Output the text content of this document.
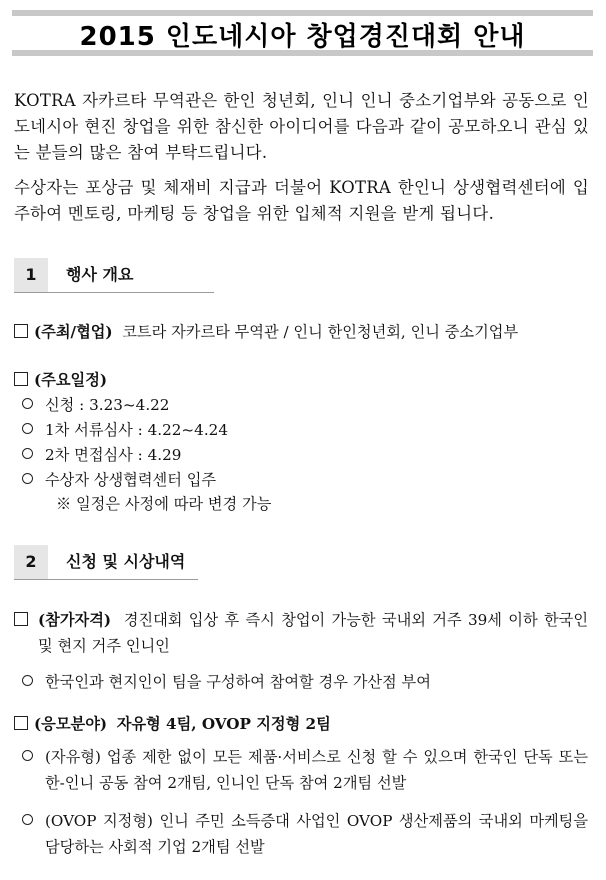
2015 인도네시아 창업경진대회 안내
KOTRA 자카르타 무역관은 한인 청년회, 인니 인니 중소기업부와 공동으로 인도네시아 현진 창업을 위한 참신한 아이디어를 다음과 같이 공모하오니 관심 있는 분들의 많은 참여 부탁드립니다.
수상자는 포상금 및 체재비 지급과 더불어 KOTRA 한인니 상생협력센터에 입주하여 멘토링, 마케팅 등 창업을 위한 입체적 지원을 받게 됩니다.
1	행사 개요
(주최/협업) 코트라 자카르타 무역관 / 인니 한인청년회, 인니 중소기업부
(주요일정)
신청 : 3.23~4.22
1차 서류심사 : 4.22~4.24
2차 면접심사 : 4.29
수상자 상생협력센터 입주
※ 일정은 사정에 따라 변경 가능
2	신청 및 시상내역
(참가자격) 경진대회 입상 후 즉시 창업이 가능한 국내외 거주 39세 이하 한국인 및 현지 거주 인니인
한국인과 현지인이 팀을 구성하여 참여할 경우 가산점 부여
(응모분야) 자유형 4팀, OVOP 지정형 2팀
(자유형) 업종 제한 없이 모든 제품·서비스로 신청 할 수 있으며 한국인 단독 또는 한-인니 공동 참여 2개팀, 인니인 단독 참여 2개팀 선발
(OVOP 지정형) 인니 주민 소득증대 사업인 OVOP 생산제품의 국내외 마케팅을 담당하는 사회적 기업 2개팀 선발
